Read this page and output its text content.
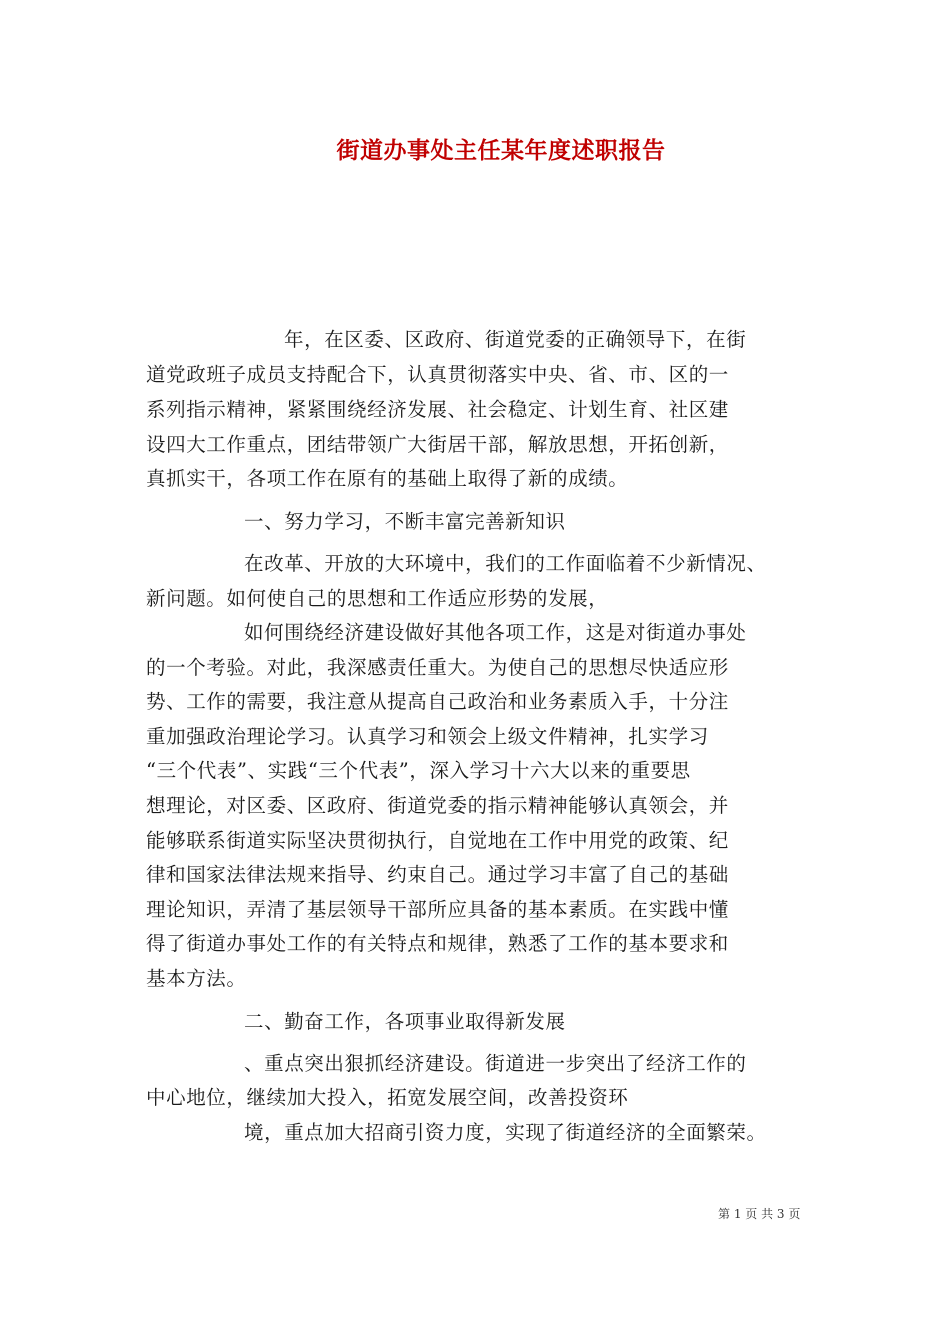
街道办事处主任某年度述职报告
年，在区委、区政府、街道党委的正确领导下，在街
道党政班子成员支持配合下，认真贯彻落实中央、省、市、区的一
系列指示精神，紧紧围绕经济发展、社会稳定、计划生育、社区建
设四大工作重点，团结带领广大街居干部，解放思想，开拓创新，
真抓实干，各项工作在原有的基础上取得了新的成绩。
一、努力学习，不断丰富完善新知识
在改革、开放的大环境中，我们的工作面临着不少新情况、
新问题。如何使自己的思想和工作适应形势的发展，
如何围绕经济建设做好其他各项工作，这是对街道办事处
的一个考验。对此，我深感责任重大。为使自己的思想尽快适应形
势、工作的需要，我注意从提高自己政治和业务素质入手，十分注
重加强政治理论学习。认真学习和领会上级文件精神，扎实学习
“三个代表”、实践“三个代表”，深入学习十六大以来的重要思
想理论，对区委、区政府、街道党委的指示精神能够认真领会，并
能够联系街道实际坚决贯彻执行，自觉地在工作中用党的政策、纪
律和国家法律法规来指导、约束自己。通过学习丰富了自己的基础
理论知识，弄清了基层领导干部所应具备的基本素质。在实践中懂
得了街道办事处工作的有关特点和规律，熟悉了工作的基本要求和
基本方法。
二、勤奋工作，各项事业取得新发展
、重点突出狠抓经济建设。街道进一步突出了经济工作的
中心地位，继续加大投入，拓宽发展空间，改善投资环
境，重点加大招商引资力度，实现了街道经济的全面繁荣。
第 1 页 共 3 页
